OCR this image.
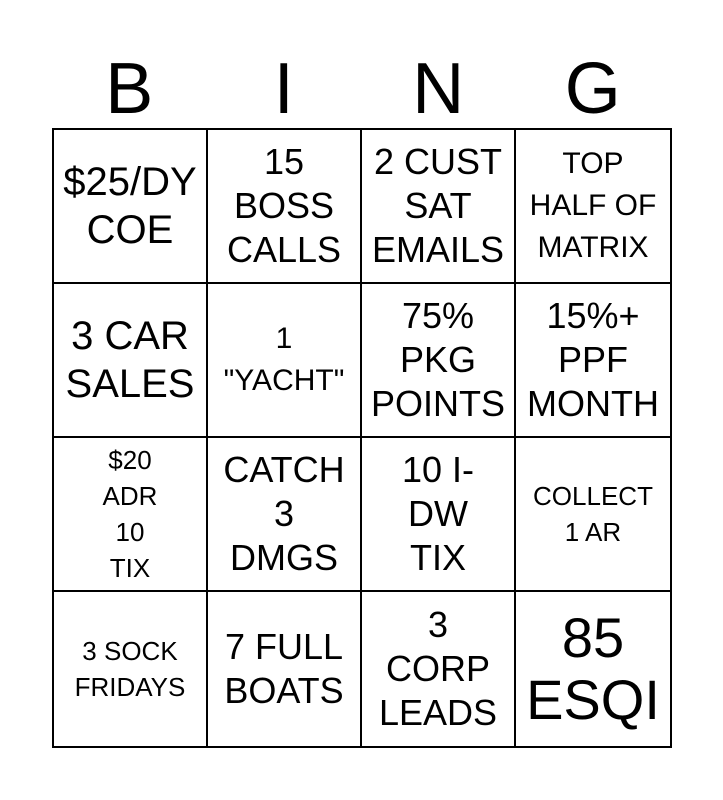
B	I	N	G
$25/DY
COE
15
BOSS
CALLS
2 CUST
SAT
EMAILS
TOP
HALF OF
MATRIX
3 CAR
SALES
1
"YACHT"
75%
PKG
POINTS
15%+
PPF
MONTH
$20
ADR
10
TIX
CATCH
3
DMGS
10 I-
DW
TIX
COLLECT
1 AR
3 SOCK
FRIDAYS
7 FULL
BOATS
3
CORP
LEADS
85
ESQI
